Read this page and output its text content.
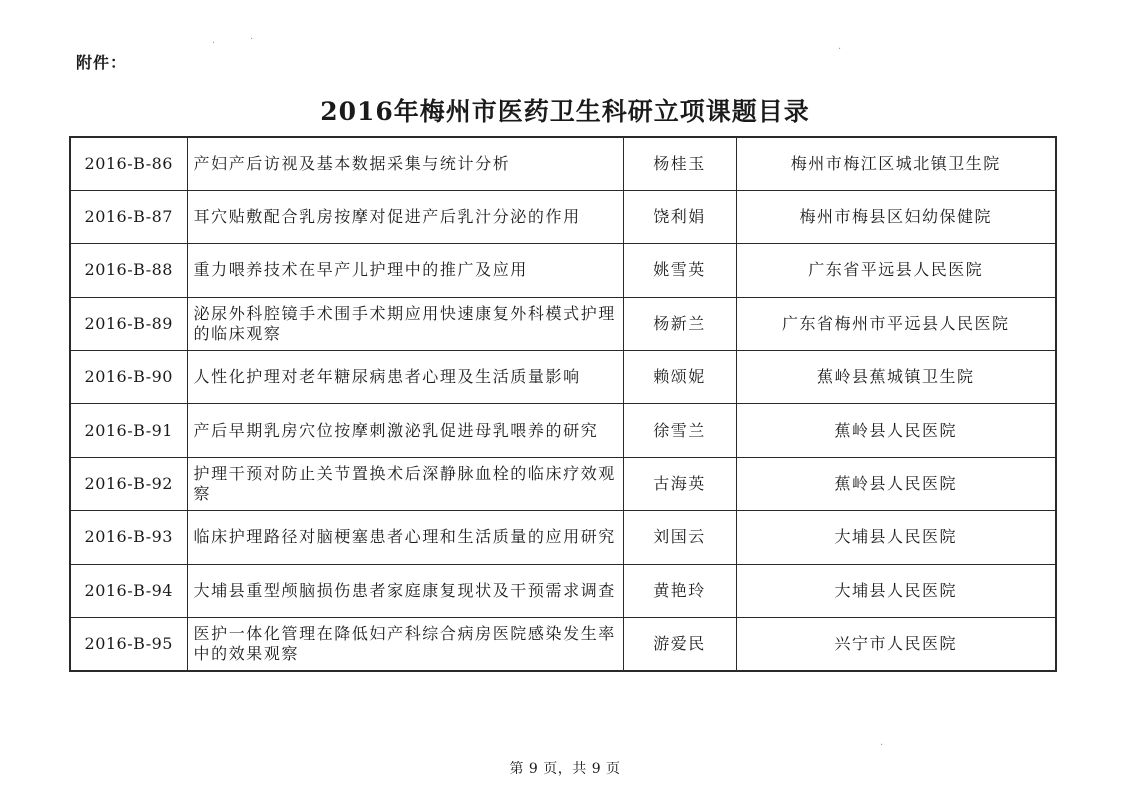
附件：
·	·
·
·
2016年梅州市医药卫生科研立项课题目录
2016-B-86	产妇产后访视及基本数据采集与统计分析	杨桂玉	梅州市梅江区城北镇卫生院
2016-B-87	耳穴贴敷配合乳房按摩对促进产后乳汁分泌的作用	饶利娟	梅州市梅县区妇幼保健院
2016-B-88	重力喂养技术在早产儿护理中的推广及应用	姚雪英	广东省平远县人民医院
2016-B-89	泌尿外科腔镜手术围手术期应用快速康复外科模式护理的临床观察	杨新兰	广东省梅州市平远县人民医院
2016-B-90	人性化护理对老年糖尿病患者心理及生活质量影响	赖颂妮	蕉岭县蕉城镇卫生院
2016-B-91	产后早期乳房穴位按摩刺激泌乳促进母乳喂养的研究	徐雪兰	蕉岭县人民医院
2016-B-92	护理干预对防止关节置换术后深静脉血栓的临床疗效观察	古海英	蕉岭县人民医院
2016-B-93	临床护理路径对脑梗塞患者心理和生活质量的应用研究	刘国云	大埔县人民医院
2016-B-94	大埔县重型颅脑损伤患者家庭康复现状及干预需求调查	黄艳玲	大埔县人民医院
2016-B-95	医护一体化管理在降低妇产科综合病房医院感染发生率中的效果观察	游爱民	兴宁市人民医院
第 9 页，共 9 页
